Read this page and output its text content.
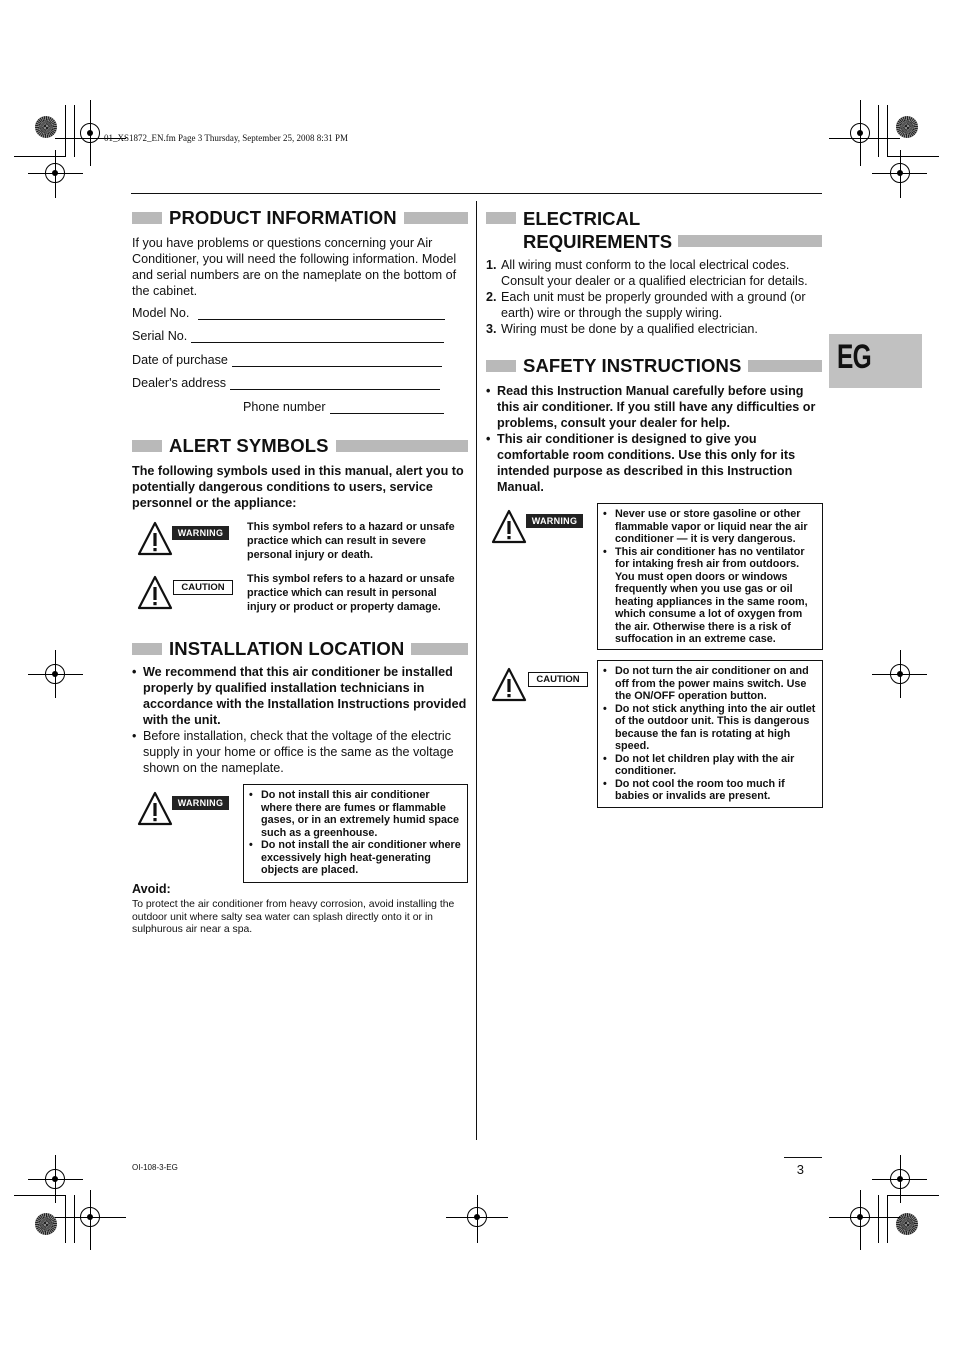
01_XS1872_EN.fm Page 3 Thursday, September 25, 2008 8:31 PM
PRODUCT INFORMATION
If you have problems or questions concerning your Air Conditioner, you will need the following information. Model and serial numbers are on the nameplate on the bottom of the cabinet.
Model No.
Serial No.
Date of purchase
Dealer's address
Phone number
ALERT SYMBOLS
The following symbols used in this manual, alert you to potentially dangerous conditions to users, service personnel or the appliance:
WARNING	This symbol refers to a hazard or unsafe practice which can result in severe personal injury or death.
CAUTION
This symbol refers to a hazard or unsafe practice which can result in personal injury or product or property damage.
INSTALLATION LOCATION
• We recommend that this air conditioner be installed properly by qualified installation technicians in accordance with the Installation Instructions provided with the unit.
• Before installation, check that the voltage of the electric supply in your home or office is the same as the voltage shown on the nameplate.
WARNING
• Do not install this air conditioner where there are fumes or flammable gases, or in an extremely humid space such as a greenhouse.
• Do not install the air conditioner where excessively high heat-generating objects are placed.
Avoid:
To protect the air conditioner from heavy corrosion, avoid installing the outdoor unit where salty sea water can splash directly onto it or in sulphurous air near a spa.
ELECTRICAL
REQUIREMENTS
1. All wiring must conform to the local electrical codes. Consult your dealer or a qualified electrician for details.
2. Each unit must be properly grounded with a ground (or earth) wire or through the supply wiring.
3. Wiring must be done by a qualified electrician.
SAFETY INSTRUCTIONS
• Read this Instruction Manual carefully before using this air conditioner. If you still have any difficulties or problems, consult your dealer for help.
• This air conditioner is designed to give you comfortable room conditions. Use this only for its intended purpose as described in this Instruction Manual.
WARNING
• Never use or store gasoline or other flammable vapor or liquid near the air conditioner — it is very dangerous.
• This air conditioner has no ventilator for intaking fresh air from outdoors. You must open doors or windows frequently when you use gas or oil heating appliances in the same room, which consume a lot of oxygen from the air. Otherwise there is a risk of suffocation in an extreme case.
CAUTION
• Do not turn the air conditioner on and off from the power mains switch. Use the ON/OFF operation button.
• Do not stick anything into the air outlet of the outdoor unit. This is dangerous because the fan is rotating at high speed.
• Do not let children play with the air conditioner.
• Do not cool the room too much if babies or invalids are present.
EG
OI-108-3-EG	3
